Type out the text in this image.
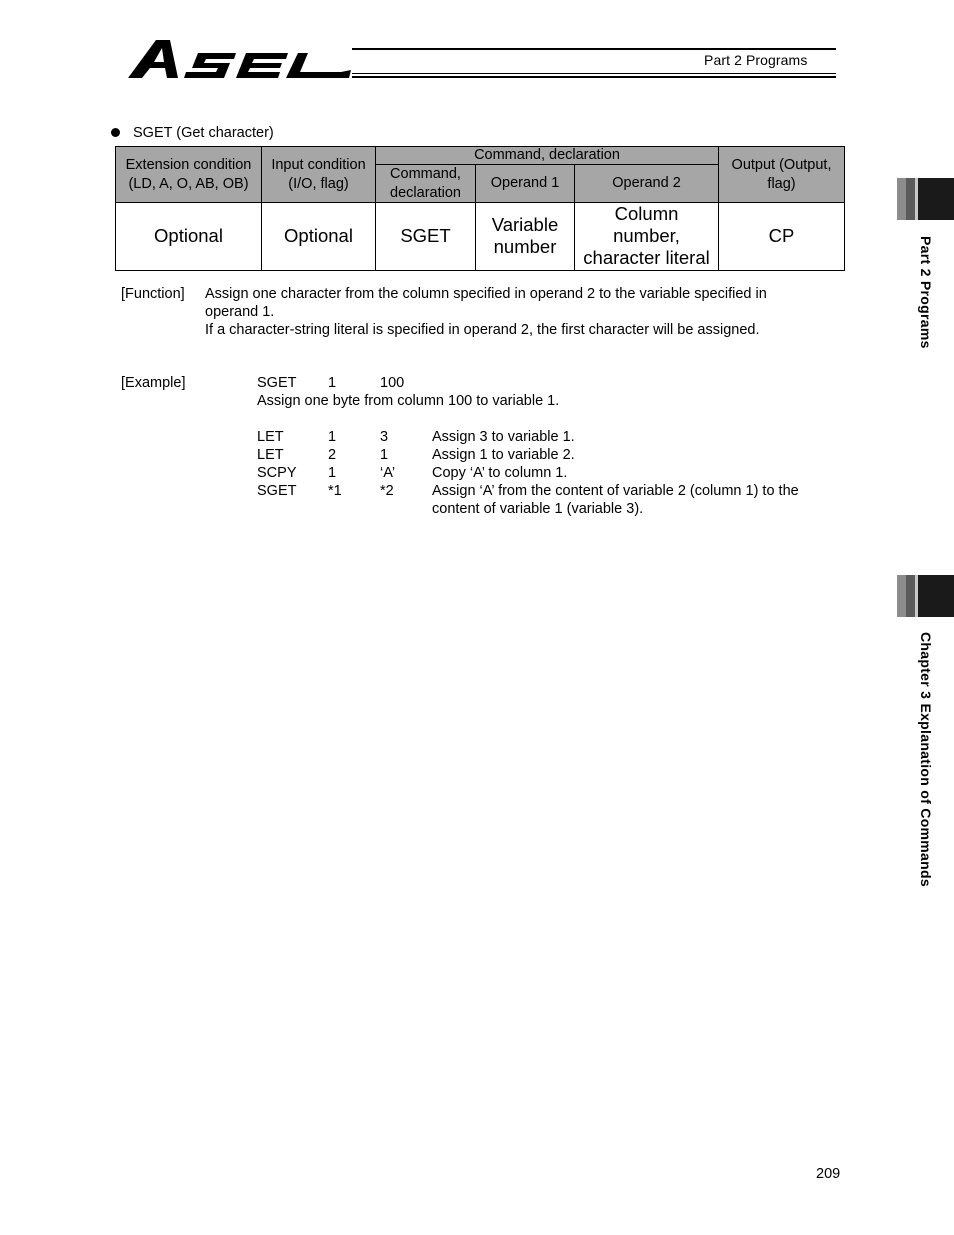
Part 2 Programs
SGET (Get character)
Extension condition (LD, A, O, AB, OB)	Input condition (I/O, flag)	Command, declaration			Output (Output, flag)
		Command, declaration	Operand 1	Operand 2	
Optional	Optional	SGET	Variable number	Column number, character literal	CP
[Function] Assign one character from the column specified in operand 2 to the variable specified in
operand 1.
If a character-string literal is specified in operand 2, the first character will be assigned.
[Example]	SGET 1	100
Assign one byte from column 100 to variable 1.
LET	1	3	Assign 3 to variable 1.
LET	2	1	Assign 1 to variable 2.
SCPY 1	‘A’	Copy ‘A’ to column 1.
SGET *1	*2	Assign ‘A’ from the content of variable 2 (column 1) to the
content of variable 1 (variable 3).
Part 2 Programs
Chapter 3 Explanation of Commands
209
